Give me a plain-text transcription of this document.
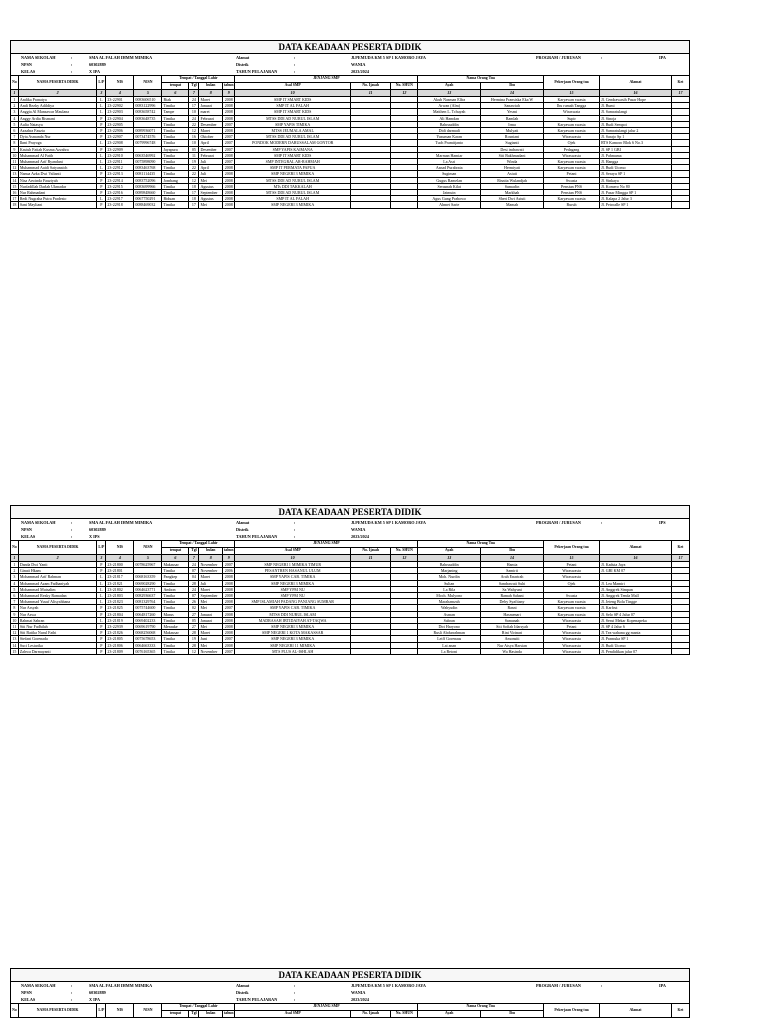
DATA KEADAAN PESERTA DIDIK
NAMA SEKOLAH	:	SMA AL FALAH IHMM MIMIKA	Alamat	:	Jl.PEMUDA KM 5 SP 1 KAMORO JAYA	PROGRAM / JURUSAN	:	IPA
NPSN	:	60302889	Distrik	:	WANIA
KELAS	:	X IPA	TAHUN PELAJARAN	:	2023/2024
No	NAMA PESERTA DIDIK	L/P	NIS	NISN	Tempat / Tanggal Lahir				JENJANG SMP			Nama Orang Tua		Pekerjaan Orang tua	Alamat	Ket
					tempat	Tgl	bulan	tahun	Asal SMP	No. Ijasah	No. SHUN	Ayah	Ibu			
1	2	3	4	5	6	7	8	9	10	11	12	13	14	15	16	17
1	Andika Pranatya	L	23-22901	0083606510	Biak	24	Maret	2008	SMP IT SMART KIDS			Akub Nasman Elfra	Hermina Fransiska Eka W	Karyawan swasta	Jl. Cendrawasih Pasar Hope	
2	Andi Rezky Adildiya	L	23-22902	0083122996	Timika	17	Januari	2008	SMP IT AL FALAH			Arwan (Alm)	Sanawiah	Ibu rumah Tangga	Jl. Bumi	
3	Anggia Al Mansawar Maulana	L	23-22903	0083658742	Tampe	10	maret	2008	SMP IT SMART KIDS			Matthen L. Tchuyah	Yesmi	Wiraswata	Jl. Samratulangi	
4	Anggy Ardia Rismani	P	23-22904	0083648735	Timika	24	Februari	2008	MTSS DDI AD NURUL ISLAM			Ali Hamdan	Ramlah	Supir	Jl. Sinoja	
5	Aulia Natasya	P	23-22905		Timika	22	Desember	2007	SMP YAPIS TIMIKA			Bahruuddin	Irma	Karyawan swasta	Jl. Budi Sempoi	
6	Azzahra Fauzia	P	23-22906	0089936071	Timika	12	Maret	2008	MTSS JEUMALA AMAL			Didi darmadi	Mulyati	Karyawan swasta	Jl. Samratulangi jalur 2	
7	Dyta Asmanda Nur	P	23-22907	0073474576	Timika	16	Oktober	2007	MTSS DDI AD NURUL ISLAM			Yusuman Karan	Rosniani	Wiraswasta	Jl. Sarajo Sp 1	
8	Ikmi Prayoga	L	23-22908	0079996748	Timika	10	April	2007	PONDOK MODERN DARUSSALAM GONTOR			Tuch Pramitjanto	Sugianti	Ojek	RTS Kamoro Blok 6 No.3	
9	Kastuh Fatiah Kusma Azzahra	P	23-22909		Jayapura	05	Desember	2007	SMP YAPIS KAIMANA				Desi indrawati	Pedagang	Jl. SP 1 GBI	
10	Muhammad Al Fatih	L	23-22910	0063546992	Timika	11	Februari	2008	SMP IT SMART KIDS			Marman Hamiar	Siti Bakhmadani	Wiraswasta	Jl. Pahmama	
11	Muhammad Arif Ryandani	L	23-22911	0075898090	Timika	19	Juli	2007	SMP INTEGRAL AR-RAHMAH			La Asri	Winda	Karyawan swasta	Jl. Hangga	
12	Muhammad Aaidi Satyanaich	L	23-22912	0083463768	Timika	22	April	2008	SMP IT PERMATA PAPUA			Asnad Purabrata	Hermiyati	Karyawan swasta	Jl. Budi Utomo	
13	Nanua Azka Dwi Valianti	P	23-22913	0081114435	Timika	22	Juli	2008	SMP NEGERI 3 MIMIKA			Sugiman	Astuti	Petani	Jl. Serayu SP 1	
14	Nisa Arwinda Fauziyah	P	23-22914	0083752096	Jombang	12	Mei	2008	MTSS DDI AD NURUL ISLAM			Gugus Ramelan	Risnita Wulandjah	Swasta	Jl. Sinkaya	
15	Nurfadillah Darlah Ukmadar	P	23-22915	0083699966	Timika	18	Agustus	2008	MTs DDI TAKKALAH			Serasnah Kilat	Sumarlin	Pensiun PNS	Jl. Komero No 80	
16	Nur Rahmadani	P	23-22916	0089848660	Timika	17	September	2008	MTSS DDI AD NURUL ISLAM			Jaimuin	Markhah	Pensiun PNS	Jl. Pasar Mingga SP 1	
17	Redi Nugraha Putra Pradesto	L	23-22917	0067750291	Biduan	18	Agustus	2008	SMP IT AL FALAH			Agus Gung Prabowo	Sheri Dwi Astuti	Karyawan swasta	Jl. Kalapa 2 Jalur 3	
18	Sani Mayliani	P	23-22918	0088469032	Timika	17	Mei	2008	SMP NEGERI 3 MIMIKA			Ahmet Sarie	Mamah	Buruh	Jl. Petroalle SP 1	
DATA KEADAAN PESERTA DIDIK
NAMA SEKOLAH	:	SMA AL FALAH IHMM MIMIKA	Alamat	:	Jl.PEMUDA KM 5 SP 1 KAMORO JAYA	PROGRAM / JURUSAN	:	IPS
NPSN	:	60302889	Distrik	:	WANIA
KELAS	:	X IPS	TAHUN PELAJARAN	:	2023/2024
No	NAMA PESERTA DIDIK	L/P	NIS	NISN	Tempat / Tanggal Lahir				JENJANG SMP			Nama Orang Tua		Pekerjaan Orang tua	Alamat	Ket
					tempat	Tgl	bulan	tahun	Asal SMP	No. Ijasah	No. SHUN	Ayah	Ibu			
1	2	3	4	5	6	7	8	9	10	11	12	13	14	15	16	17
1	Danda Dwi Yanti	P	23-21800	0078625967	Makassar	24	November	2007	SMP NEGERI 1 MIMIKA TIMUR			Bahruuddin	Hamia	Petani	Jl. Kaduta Jaya	
2	Ginati Hkam	P	23-21801		Timika	07	November	2006	PESANTREN HASANUL ULUM			Marjaning	Samirti	Wiraswasta	Jl. GBI KM 07	
3	Mohammad Arif Rahman	L	23-21817	0068163359	Pangkep	04	Maret	2008	SMP YAPIS CAB. TIMIKA			Moh. Nurdin	Arah Enarirah	Wiraswasta		
4	Mohammad Azam Fadhaniyah	L	23-21821	0069028290	Timika	28	Juli	2008	SMP NEGERI 3 MIMIKA			Sultan	Sandrawati Suhi	Ojek	Jl. Lea Mamiri	
5	Mohammad Mutsalim	L	23-21802	0064623771	Ambon	24	Maret	2008	SMP YPM NU			La Rila	Sa Wahyuni		Jl. Anggrek Simpan	
6	Mohammad Rezky Ramadan	L	23-21803	0082936637	Timika	07	September	2008	SMP YPM NU			Moch. Mulyono	Ramah Sahani	Swasta	Jl. Anggrek Tenda Mall	
7	Mohammad Yusuf Alisyahbana	L	23-21823	0081329764	Timika	26	Mei	2008	SMP ISLAMIAH PADANG PANJANG SUMBAR			Marahamzah	Deby Syafitany	Karyawan swasta	Jl. Jeteng Bolu Tingge	
8	Nur Arsyah	P	23-21825	0075744600	Timika	02	Mei	2007	SMP YAPIS CAB. TIMIKA			Wahyudin	Rasni	Karyawan swasta	Jl. Karfrut	
9	Nur Aswa	P	23-21804	0064817260	Marus	27	Januari	2008	MTSS DDI NURUL ISLAM			Asman	Hasmenari	Karyawan swasta	Jl. Selo SP 4 Jalur 07	
10	Rahmat Sabran	L	23-21819	0069402233	Timika	05	Januari	2008	MADRASAH IBTIDAIYAH AT-TAQWA			Sabran	Samanah	Wiraswasta	Jl. Serui Mekar Kopenapeka	
11	Siti Nur Fadhilah	P	23-22939	0069619790	Merauke	27	Mei	2008	SMP NEGERI 3 MIMIKA			Diri Haryono	Siti Sofiah Idarsyah	Petani	Jl. SP 4 Jalur 6	
12	Siti Batika Nurul Fathi	P	23-21826	0068256068	Makassar	28	Maret	2008	SMP NEGERI 1 KOTA MAKASSAR			Rusli Abdurrahman	Rini Virinari	Wiraswasta	Jl. Tea wahana gg manta	
13	Stefani Gorenada	P	23-21805	0075678653	Timika	19	Juni	2007	SMP NEGERI 3 MIMIKA			Leiff Gorenaas	Amonsiti	Wiraswasta	Jl. Pramuka SP 1	
14	Suci Lestarika	P	23-21806	0064663333	Timika	28	Mei	2008	SMP NEGERI 11 MIMIKA			Lai anan	Nur Aisya Harsian	Wiraswasta	Jl. Budi Utomo	
15	Zahwa Darmayanti	P	23-21809	0076165365	Timika	12	November	2007	MTS PLUS AL-ISHLAH			La Betoni	Wa Hasinda	Wiraswasta	Jl. Pendidikan jalur 07	
DATA KEADAAN PESERTA DIDIK
NAMA SEKOLAH	:	SMA AL FALAH IHMM MIMIKA	Alamat	:	Jl.PEMUDA KM 5 SP 1 KAMORO JAYA	PROGRAM / JURUSAN	:	IPA
NPSN	:	60302889	Distrik	:	WANIA
KELAS	:	X IPA	TAHUN PELAJARAN	:	2023/2024
No	NAMA PESERTA DIDIK	L/P	NIS	NISN	Tempat / Tanggal Lahir				JENJANG SMP			Nama Orang Tua		Pekerjaan Orang tua	Alamat	Ket
					tempat	Tgl	bulan	tahun	Asal SMP	No. Ijasah	No. SHUN	Ayah	Ibu			
